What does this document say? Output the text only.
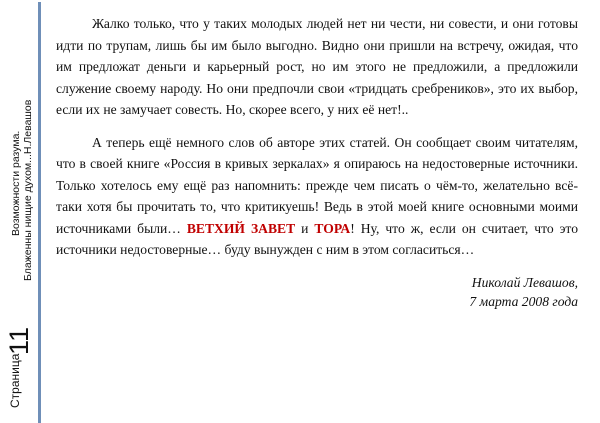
Возможности разума. Блаженны нищие духом...Н.Левашов
11
Страница

Жалко только, что у таких молодых людей нет ни чести, ни совести, и они готовы идти по трупам, лишь бы им было выгодно. Видно они пришли на встречу, ожидая, что им предложат деньги и карьерный рост, но им этого не предложили, а предложили служение своему народу. Но они предпочли свои «тридцать сребреников», это их выбор, если их не замучает совесть. Но, скорее всего, у них её нет!..

А теперь ещё немного слов об авторе этих статей. Он сообщает своим читателям, что в своей книге «Россия в кривых зеркалах» я опираюсь на недостоверные источники. Только хотелось ему ещё раз напомнить: прежде чем писать о чём-то, желательно всё-таки хотя бы прочитать то, что критикуешь! Ведь в этой моей книге основными моими источниками были… ВЕТХИЙ ЗАВЕТ и ТОРА! Ну, что ж, если он считает, что это источники недостоверные… буду вынужден с ним в этом согласиться…

Николай Левашов,
7 марта 2008 года
